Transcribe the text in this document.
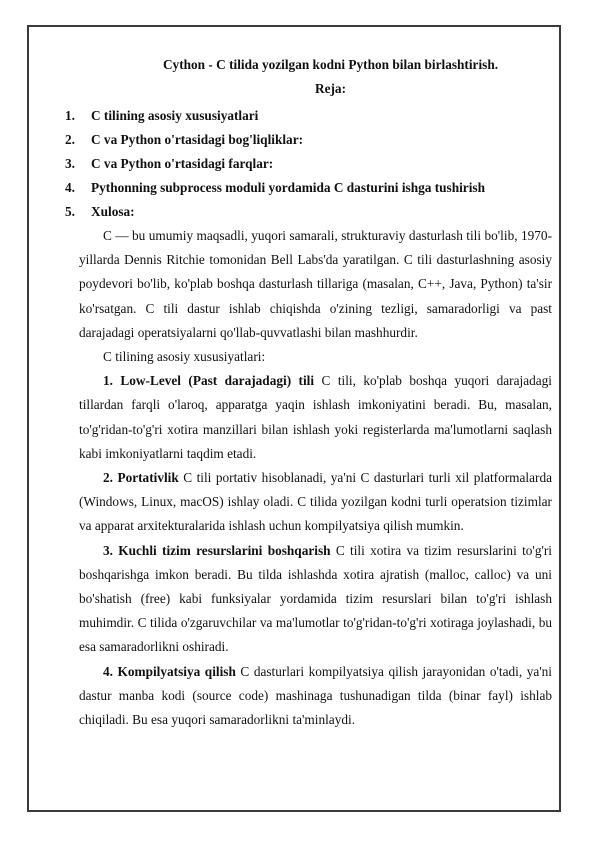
Cython - C tilida yozilgan kodni Python bilan birlashtirish.
Reja:
1.	C tilining asosiy xususiyatlari
2.	C va Python o'rtasidagi bog'liqliklar:
3.	C va Python o'rtasidagi farqlar:
4.	Pythonning subprocess moduli yordamida C dasturini ishga tushirish
5.	Xulosa:

C — bu umumiy maqsadli, yuqori samarali, strukturaviy dasturlash tili bo'lib, 1970-yillarda Dennis Ritchie tomonidan Bell Labs'da yaratilgan. C tili dasturlashning asosiy poydevori bo'lib, ko'plab boshqa dasturlash tillariga (masalan, C++, Java, Python) ta'sir ko'rsatgan. C tili dastur ishlab chiqishda o'zining tezligi, samaradorligi va past darajadagi operatsiyalarni qo'llab-quvvatlashi bilan mashhurdir.

C tilining asosiy xususiyatlari:

1. Low-Level (Past darajadagi) tili C tili, ko'plab boshqa yuqori darajadagi tillardan farqli o'laroq, apparatga yaqin ishlash imkoniyatini beradi. Bu, masalan, to'g'ridan-to'g'ri xotira manzillari bilan ishlash yoki registerlarda ma'lumotlarni saqlash kabi imkoniyatlarni taqdim etadi.

2. Portativlik C tili portativ hisoblanadi, ya'ni C dasturlari turli xil platformalarda (Windows, Linux, macOS) ishlay oladi. C tilida yozilgan kodni turli operatsion tizimlar va apparat arxitekturalarida ishlash uchun kompilyatsiya qilish mumkin.

3. Kuchli tizim resurslarini boshqarish C tili xotira va tizim resurslarini to'g'ri boshqarishga imkon beradi. Bu tilda ishlashda xotira ajratish (malloc, calloc) va uni bo'shatish (free) kabi funksiyalar yordamida tizim resurslari bilan to'g'ri ishlash muhimdir. C tilida o'zgaruvchilar va ma'lumotlar to'g'ridan-to'g'ri xotiraga joylashadi, bu esa samaradorlikni oshiradi.

4. Kompilyatsiya qilish C dasturlari kompilyatsiya qilish jarayonidan o'tadi, ya'ni dastur manba kodi (source code) mashinaga tushunadigan tilda (binar fayl) ishlab chiqiladi. Bu esa yuqori samaradorlikni ta'minlaydi.
